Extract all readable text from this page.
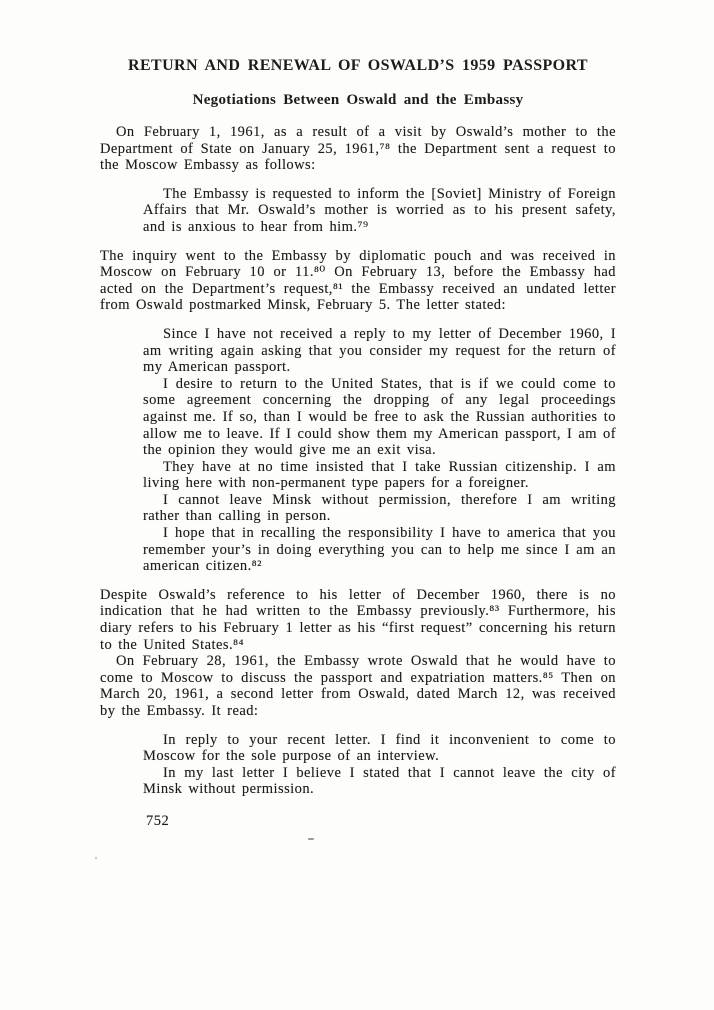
RETURN AND RENEWAL OF OSWALD’S 1959 PASSPORT
Negotiations Between Oswald and the Embassy

On February 1, 1961, as a result of a visit by Oswald’s mother to the Department of State on January 25, 1961,⁷⁸ the Department sent a request to the Moscow Embassy as follows:

The Embassy is requested to inform the [Soviet] Ministry of Foreign Affairs that Mr. Oswald’s mother is worried as to his present safety, and is anxious to hear from him.⁷⁹

The inquiry went to the Embassy by diplomatic pouch and was received in Moscow on February 10 or 11.⁸⁰ On February 13, before the Embassy had acted on the Department’s request,⁸¹ the Embassy received an undated letter from Oswald postmarked Minsk, February 5. The letter stated:

Since I have not received a reply to my letter of December 1960, I am writing again asking that you consider my request for the return of my American passport.

I desire to return to the United States, that is if we could come to some agreement concerning the dropping of any legal proceedings against me. If so, than I would be free to ask the Russian authorities to allow me to leave. If I could show them my American passport, I am of the opinion they would give me an exit visa.

They have at no time insisted that I take Russian citizenship. I am living here with non-permanent type papers for a foreigner.

I cannot leave Minsk without permission, therefore I am writing rather than calling in person.

I hope that in recalling the responsibility I have to america that you remember your’s in doing everything you can to help me since I am an american citizen.⁸²

Despite Oswald’s reference to his letter of December 1960, there is no indication that he had written to the Embassy previously.⁸³ Furthermore, his diary refers to his February 1 letter as his “first request” concerning his return to the United States.⁸⁴

On February 28, 1961, the Embassy wrote Oswald that he would have to come to Moscow to discuss the passport and expatriation matters.⁸⁵ Then on March 20, 1961, a second letter from Oswald, dated March 12, was received by the Embassy. It read:

In reply to your recent letter. I find it inconvenient to come to Moscow for the sole purpose of an interview.

In my last letter I believe I stated that I cannot leave the city of Minsk without permission.

752
